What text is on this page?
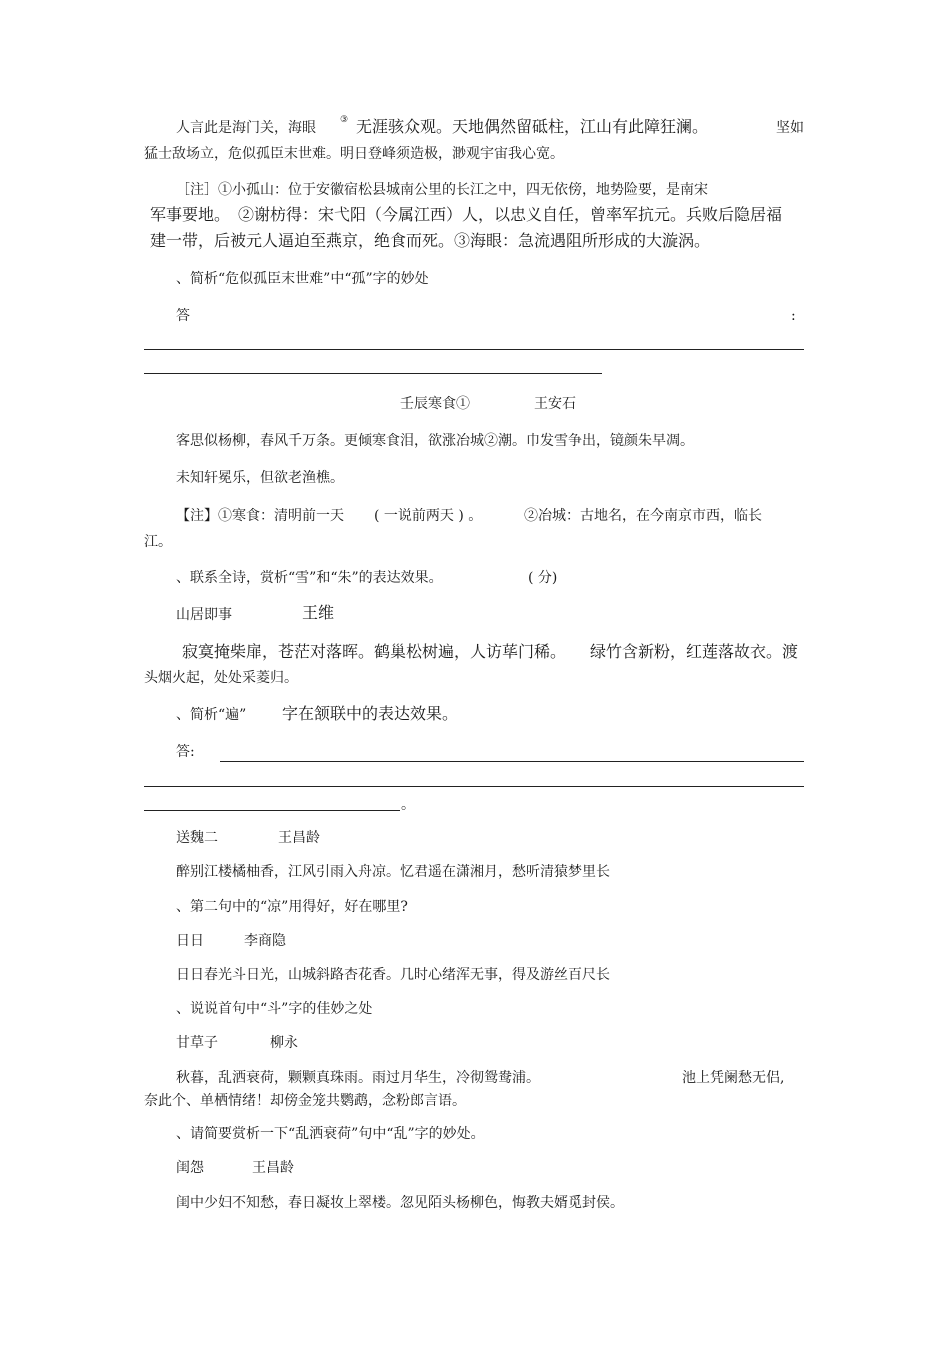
人言此是海门关，海眼	③ 无涯骇众观。天地偶然留砥柱，江山有此障狂澜。	坚如
猛士敌场立，危似孤臣末世难。明日登峰须造极，渺观宇宙我心宽。
［注］①小孤山：位于安徽宿松县城南公里的长江之中，四无依傍，地势险要，是南宋
军事要地。　②谢枋得：宋弋阳（今属江西）人，以忠义自任，曾率军抗元。兵败后隐居福
建一带，后被元人逼迫至燕京，绝食而死。③海眼：急流遇阻所形成的大漩涡。
、简析“危似孤臣末世难”中“孤”字的妙处
答	:
壬辰寒食①	王安石
客思似杨柳，春风千万条。更倾寒食泪，欲涨冶城②潮。巾发雪争出，镜颜朱早凋。
未知轩冕乐，但欲老渔樵。
【注】①寒食：清明前一天 ( 一说前两天 ) 。	②冶城：古地名，在今南京市西，临长
江。
、联系全诗，赏析“雪”和“朱”的表达效果。	( 分)
山居即事	王维
寂寞掩柴扉，苍茫对落晖。鹤巢松树遍，人访荜门稀。 绿竹含新粉，红莲落故衣。渡
头烟火起，处处采菱归。
、简析“遍” 字在颔联中的表达效果。
答:
。
送魏二	王昌龄
醉别江楼橘柚香，江风引雨入舟凉。忆君遥在潇湘月，愁听清猿梦里长
、第二句中的“凉”用得好，好在哪里?
日日	李商隐
日日春光斗日光，山城斜路杏花香。几时心绪浑无事，得及游丝百尺长
、说说首句中“斗”字的佳妙之处
甘草子	柳永
秋暮，乱洒衰荷，颗颗真珠雨。雨过月华生，冷彻鸳鸯浦。	池上凭阑愁无侣,
奈此个、单栖情绪！却傍金笼共鹦鹉，念粉郎言语。
、请简要赏析一下“乱洒衰荷”句中“乱”字的妙处。
闺怨	王昌龄
闺中少妇不知愁，春日凝妆上翠楼。忽见陌头杨柳色，悔教夫婿觅封侯。
